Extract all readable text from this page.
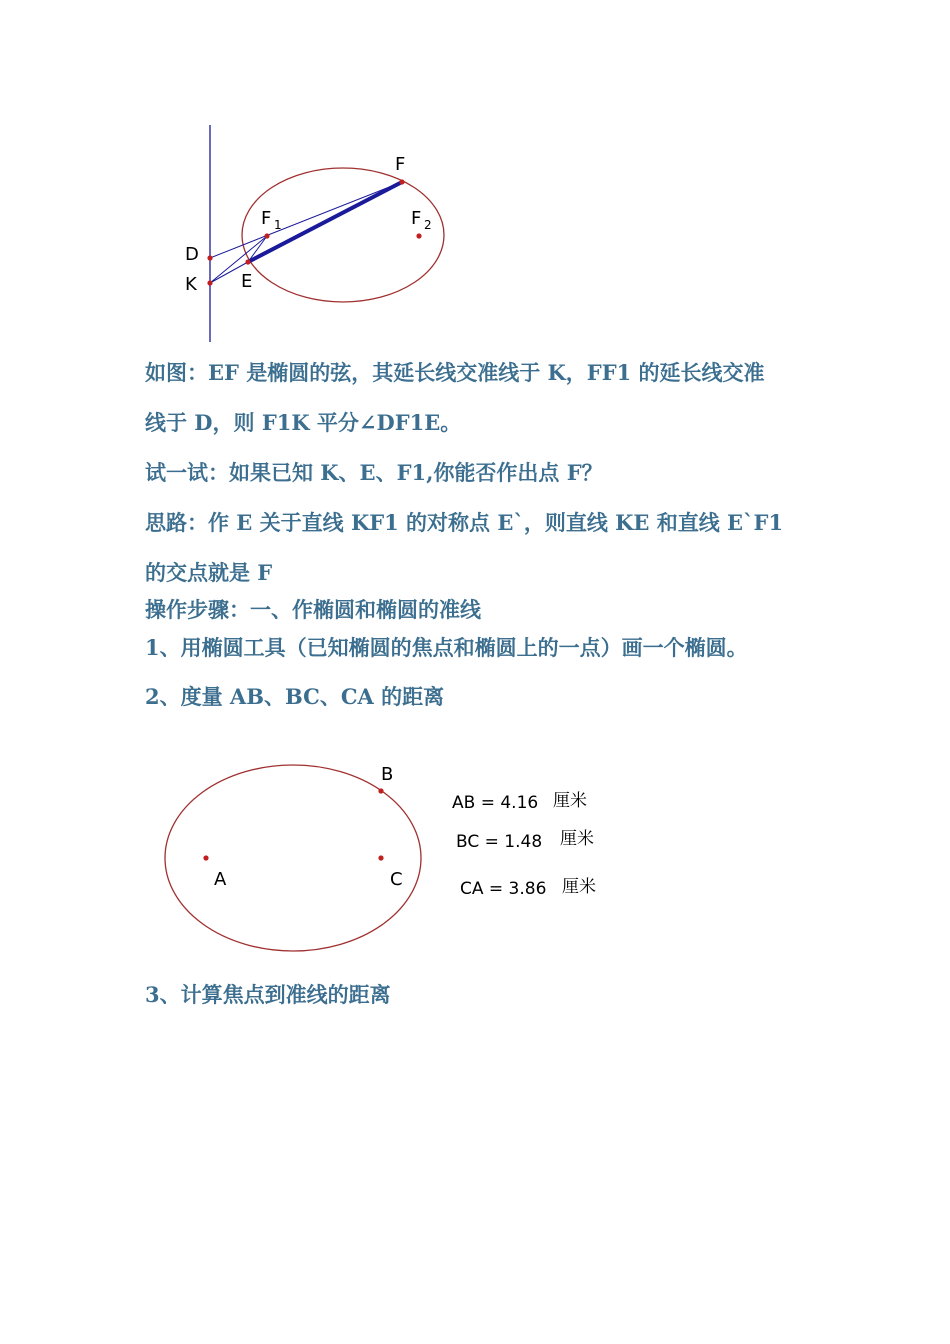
F
F 1	F 2
D
K E

如图：EF 是椭圆的弦，其延长线交准线于 K，FF1 的延长线交准

线于 D，则 F1K 平分∠DF1E。

试一试：如果已知 K、E、F1,你能否作出点 F？

思路：作 E 关于直线 KF1 的对称点 E`，则直线 KE 和直线 E`F1

的交点就是 F

操作步骤：一、作椭圆和椭圆的准线

1、用椭圆工具（已知椭圆的焦点和椭圆上的一点）画一个椭圆。

2、度量 AB、BC、CA 的距离

A
B
C
AB = 4.16 厘米
BC = 1.48 厘米
CA = 3.86 厘米

3、计算焦点到准线的距离
